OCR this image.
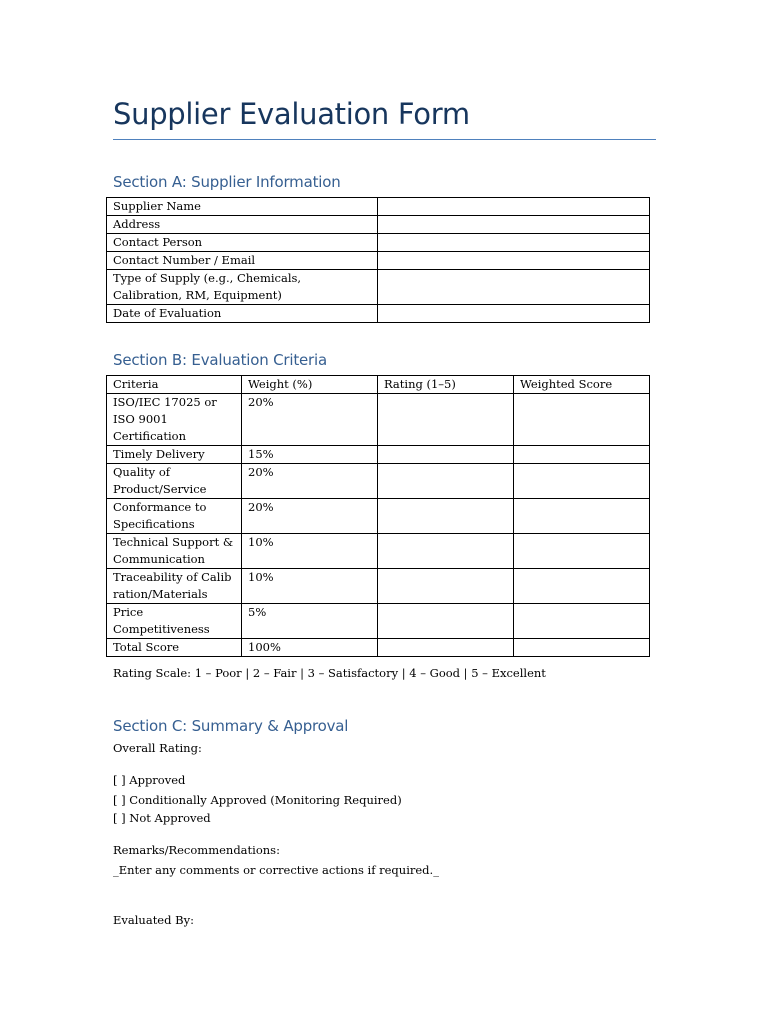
Supplier Evaluation Form
Section A: Supplier Information
Supplier Name	
Address	
Contact Person	
Contact Number / Email	
Type of Supply (e.g., Chemicals, Calibration, RM, Equipment)	
Date of Evaluation	
Section B: Evaluation Criteria
Criteria	Weight (%)	Rating (1–5)	Weighted Score
ISO/IEC 17025 or ISO 9001 Certification	20%		
Timely Delivery	15%		
Quality of Product/Service	20%		
Conformance to Specifications	20%		
Technical Support & Communication	10%		
Traceability of Calibration/Materials	10%		
Price Competitiveness	5%		
Total Score	100%		
Rating Scale: 1 – Poor | 2 – Fair | 3 – Satisfactory | 4 – Good | 5 – Excellent
Section C: Summary & Approval
Overall Rating:
[ ] Approved
[ ] Conditionally Approved (Monitoring Required)
[ ] Not Approved
Remarks/Recommendations:
_Enter any comments or corrective actions if required._
Evaluated By:
